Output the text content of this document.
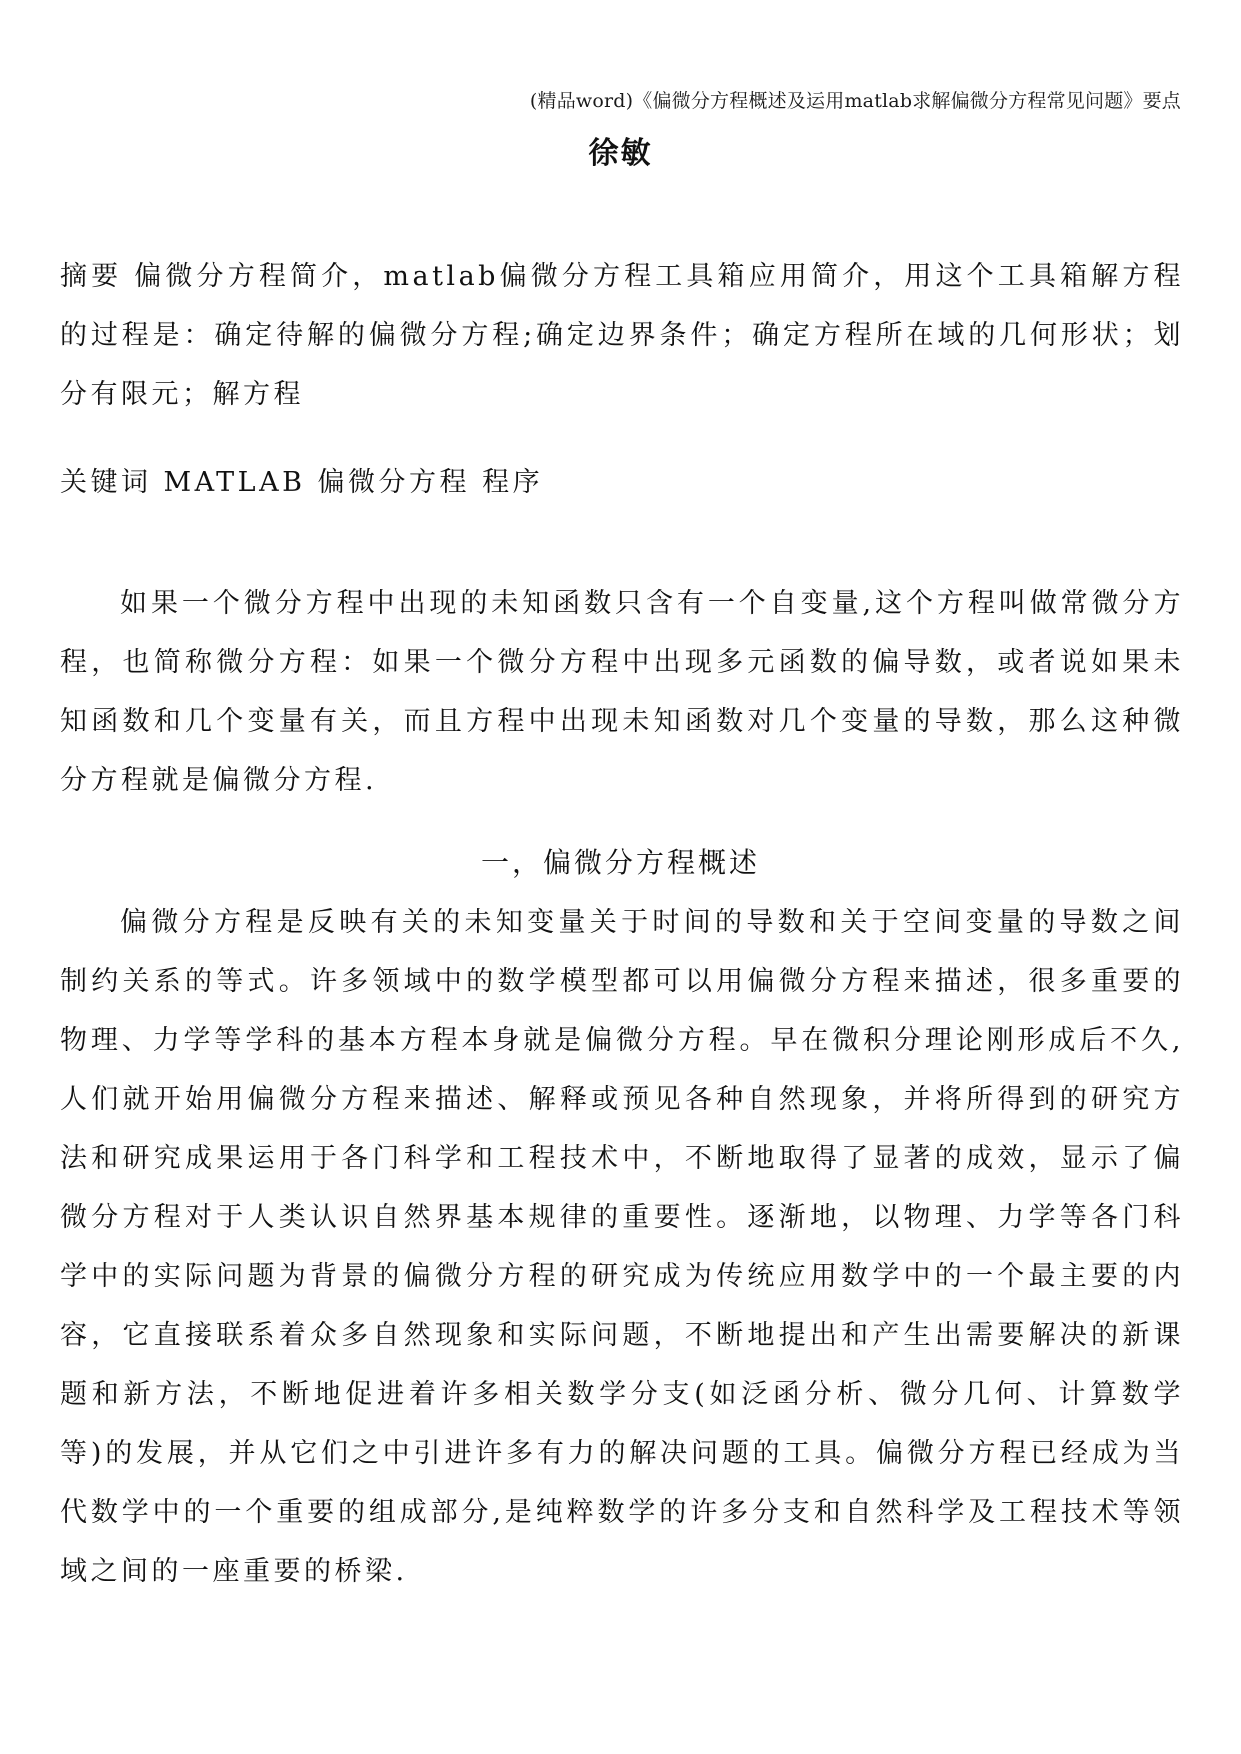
(精品word)《偏微分方程概述及运用matlab求解偏微分方程常见问题》要点
徐敏
摘要 偏微分方程简介，matlab偏微分方程工具箱应用简介，用这个工具箱解方程的过程是：确定待解的偏微分方程;确定边界条件；确定方程所在域的几何形状；划分有限元；解方程
关键词 MATLAB 偏微分方程 程序
如果一个微分方程中出现的未知函数只含有一个自变量,这个方程叫做常微分方程，也简称微分方程：如果一个微分方程中出现多元函数的偏导数，或者说如果未知函数和几个变量有关，而且方程中出现未知函数对几个变量的导数，那么这种微分方程就是偏微分方程.
一，偏微分方程概述
偏微分方程是反映有关的未知变量关于时间的导数和关于空间变量的导数之间制约关系的等式。许多领域中的数学模型都可以用偏微分方程来描述，很多重要的物理、力学等学科的基本方程本身就是偏微分方程。早在微积分理论刚形成后不久,人们就开始用偏微分方程来描述、解释或预见各种自然现象，并将所得到的研究方法和研究成果运用于各门科学和工程技术中，不断地取得了显著的成效，显示了偏微分方程对于人类认识自然界基本规律的重要性。逐渐地，以物理、力学等各门科学中的实际问题为背景的偏微分方程的研究成为传统应用数学中的一个最主要的内容，它直接联系着众多自然现象和实际问题，不断地提出和产生出需要解决的新课题和新方法，不断地促进着许多相关数学分支(如泛函分析、微分几何、计算数学等)的发展，并从它们之中引进许多有力的解决问题的工具。偏微分方程已经成为当代数学中的一个重要的组成部分,是纯粹数学的许多分支和自然科学及工程技术等领域之间的一座重要的桥梁.
